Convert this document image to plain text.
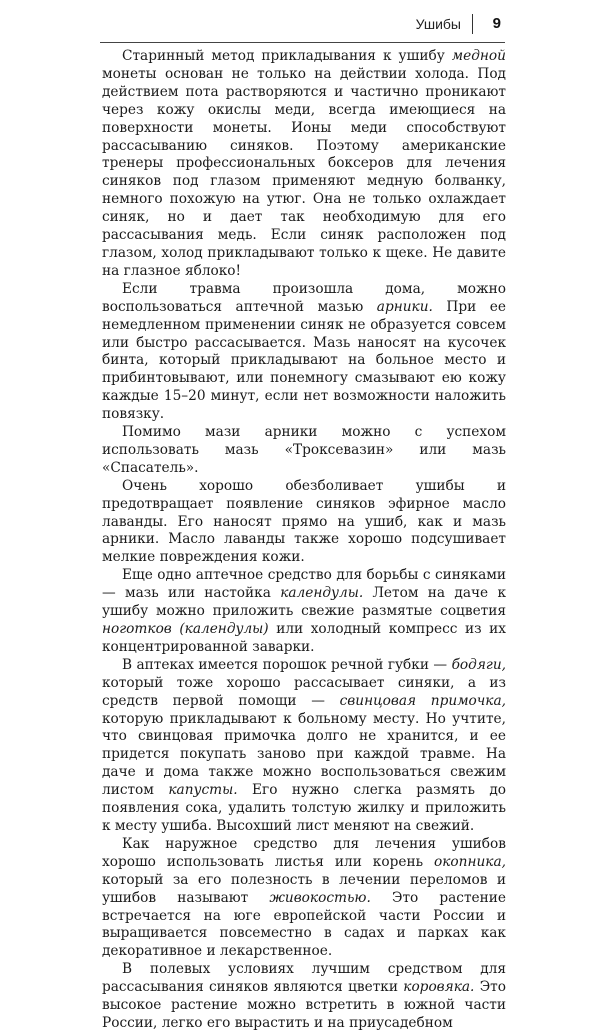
Ушибы 9

Старинный метод прикладывания к ушибу медной монеты основан не только на действии холода. Под действием пота растворяются и частично проникают через кожу окислы меди, всегда имеющиеся на поверхности монеты. Ионы меди способствуют рассасыванию синяков. Поэтому американские тренеры профессиональных боксеров для лечения синяков под глазом применяют медную болванку, немного похожую на утюг. Она не только охлаждает синяк, но и дает так необходимую для его рассасывания медь. Если синяк расположен под глазом, холод прикладывают только к щеке. Не давите на глазное яблоко!

Если травма произошла дома, можно воспользоваться аптечной мазью арники. При ее немедленном применении синяк не образуется совсем или быстро рассасывается. Мазь наносят на кусочек бинта, который прикладывают на больное место и прибинтовывают, или понемногу смазывают ею кожу каждые 15–20 минут, если нет возможности наложить повязку.

Помимо мази арники можно с успехом использовать мазь «Троксевазин» или мазь «Спасатель».

Очень хорошо обезболивает ушибы и предотвращает появление синяков эфирное масло лаванды. Его наносят прямо на ушиб, как и мазь арники. Масло лаванды также хорошо подсушивает мелкие повреждения кожи.

Еще одно аптечное средство для борьбы с синяками — мазь или настойка календулы. Летом на даче к ушибу можно приложить свежие размятые соцветия ноготков (календулы) или холодный компресс из их концентрированной заварки.

В аптеках имеется порошок речной губки — бодяги, который тоже хорошо рассасывает синяки, а из средств первой помощи — свинцовая примочка, которую прикладывают к больному месту. Но учтите, что свинцовая примочка долго не хранится, и ее придется покупать заново при каждой травме. На даче и дома также можно воспользоваться свежим листом капусты. Его нужно слегка размять до появления сока, удалить толстую жилку и приложить к месту ушиба. Высохший лист меняют на свежий.

Как наружное средство для лечения ушибов хорошо использовать листья или корень окопника, который за его полезность в лечении переломов и ушибов называют живокостью. Это растение встречается на юге европейской части России и выращивается повсеместно в садах и парках как декоративное и лекарственное.

В полевых условиях лучшим средством для рассасывания синяков являются цветки коровяка. Это высокое растение можно встретить в южной части России, легко его вырастить и на приусадебном
